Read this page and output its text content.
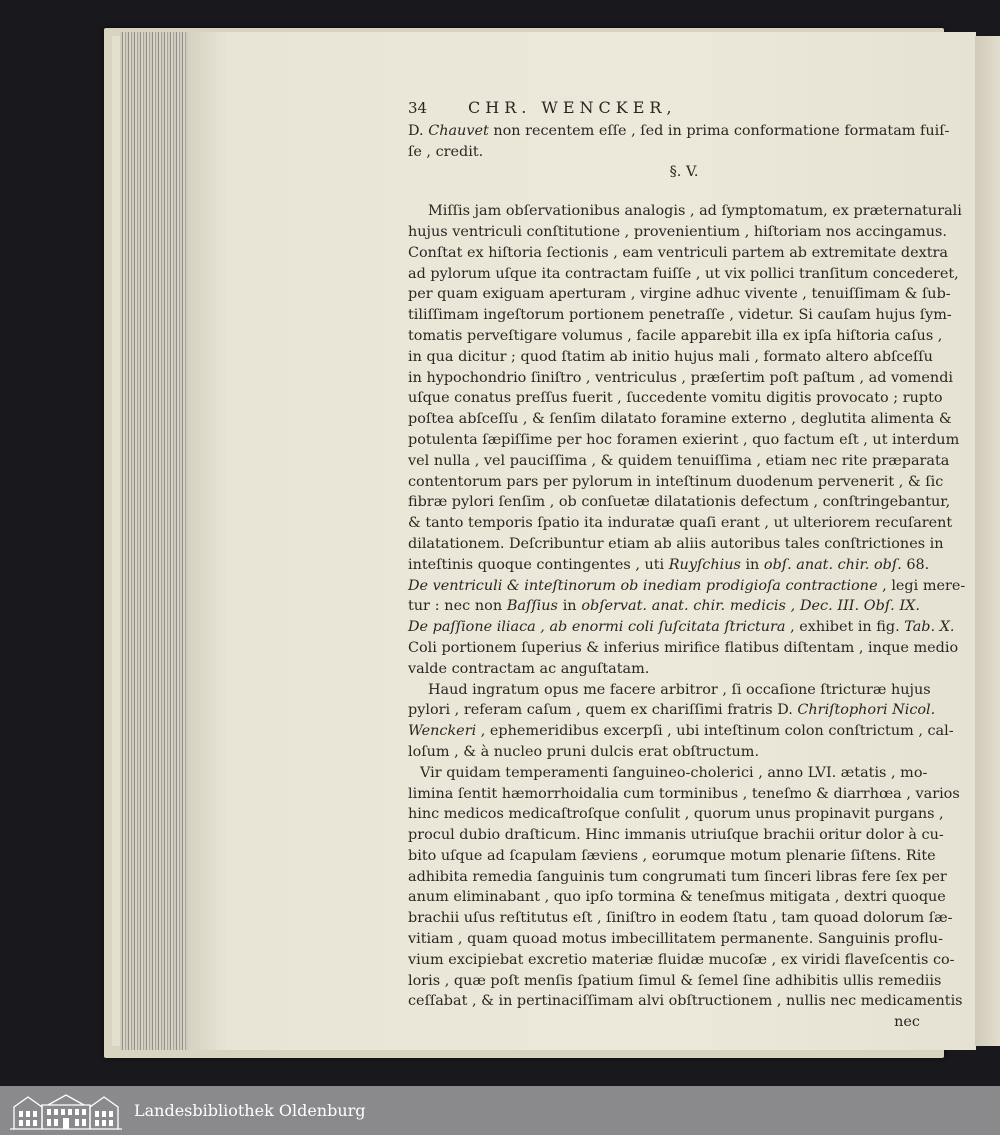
34	CHR. WENCKER,
D. Chauvet non recentem eſſe , ſed in prima conformatione formatam fuiſ-
ſe , credit.
§. V.
Miſſis jam obſervationibus analogis , ad ſymptomatum, ex præternaturali
hujus ventriculi conſtitutione , provenientium , hiſtoriam nos accingamus.
Conſtat ex hiſtoria ſectionis , eam ventriculi partem ab extremitate dextra
ad pylorum uſque ita contractam fuiſſe , ut vix pollici tranſitum concederet,
per quam exiguam aperturam , virgine adhuc vivente , tenuiſſimam & ſub-
tiliſſimam ingeſtorum portionem penetraſſe , videtur. Si cauſam hujus ſym-
tomatis perveſtigare volumus , facile apparebit illa ex ipſa hiſtoria caſus ,
in qua dicitur ; quod ſtatim ab initio hujus mali , formato altero abſceſſu
in hypochondrio ſiniſtro , ventriculus , præſertim poſt paſtum , ad vomendi
uſque conatus preſſus fuerit , ſuccedente vomitu digitis provocato ; rupto
poſtea abſceſſu , & ſenſim dilatato foramine externo , deglutita alimenta &
potulenta ſæpiſſime per hoc foramen exierint , quo factum eſt , ut interdum
vel nulla , vel pauciſſima , & quidem tenuiſſima , etiam nec rite præparata
contentorum pars per pylorum in inteſtinum duodenum pervenerit , & ſic
fibræ pylori ſenſim , ob conſuetæ dilatationis defectum , conſtringebantur,
& tanto temporis ſpatio ita induratæ quaſi erant , ut ulteriorem recuſarent
dilatationem. Deſcribuntur etiam ab aliis autoribus tales conſtrictiones in
inteſtinis quoque contingentes , uti Ruyſchius in obſ. anat. chir. obſ. 68.
De ventriculi & inteſtinorum ob inediam prodigioſa contractione , legi mere-
tur : nec non Baſſius in obſervat. anat. chir. medicis , Dec. III. Obſ. IX.
De paſſione iliaca , ab enormi coli ſuſcitata ſtrictura , exhibet in fig. Tab. X.
Coli portionem ſuperius & inferius mirifice flatibus diſtentam , inque medio
valde contractam ac anguſtatam.
Haud ingratum opus me facere arbitror , ſi occaſione ſtricturæ hujus
pylori , referam caſum , quem ex chariſſimi fratris D. Chriſtophori Nicol.
Wenckeri , ephemeridibus excerpſi , ubi inteſtinum colon conſtrictum , cal-
loſum , & à nucleo pruni dulcis erat obſtructum.
Vir quidam temperamenti ſanguineo-cholerici , anno LVI. ætatis , mo-
limina ſentit hæmorrhoidalia cum torminibus , teneſmo & diarrhœa , varios
hinc medicos medicaſtroſque conſulit , quorum unus propinavit purgans ,
procul dubio draſticum. Hinc immanis utriuſque brachii oritur dolor à cu-
bito uſque ad ſcapulam ſæviens , eorumque motum plenarie ſiſtens. Rite
adhibita remedia ſanguinis tum congrumati tum ſinceri libras fere ſex per
anum eliminabant , quo ipſo tormina & teneſmus mitigata , dextri quoque
brachii uſus reſtitutus eſt , ſiniſtro in eodem ſtatu , tam quoad dolorum ſæ-
vitiam , quam quoad motus imbecillitatem permanente. Sanguinis proflu-
vium excipiebat excretio materiæ fluidæ mucoſæ , ex viridi flaveſcentis co-
loris , quæ poſt menſis ſpatium ſimul & ſemel ſine adhibitis ullis remediis
ceſſabat , & in pertinaciſſimam alvi obſtructionem , nullis nec medicamentis
nec
Landesbibliothek Oldenburg
